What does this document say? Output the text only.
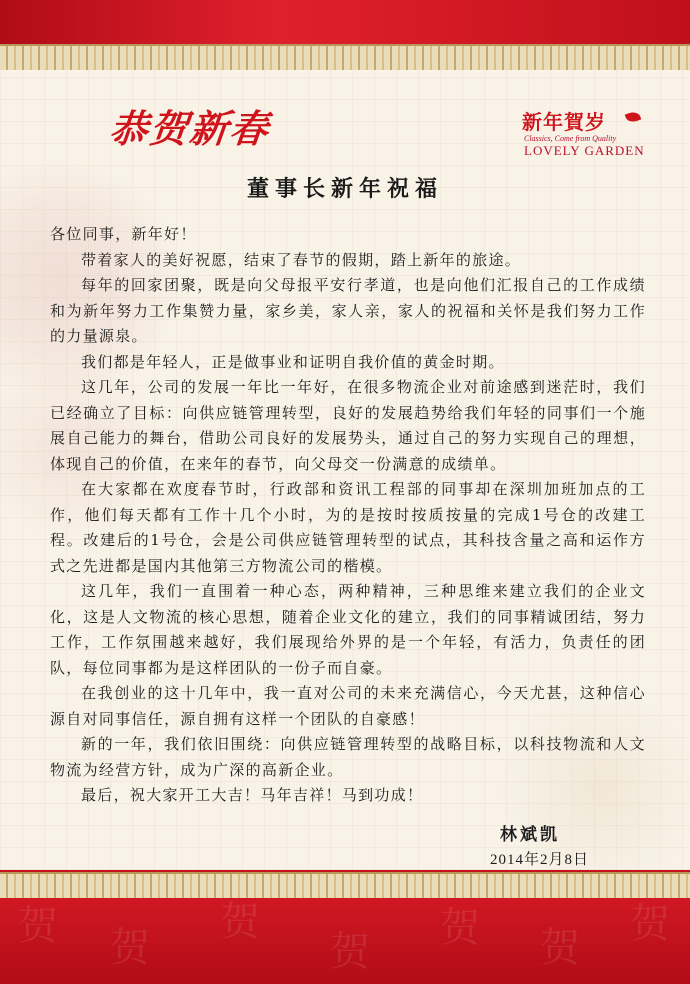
恭贺新春	新年賀岁
Classics, Come from Quality
LOVELY GARDEN
董事长新年祝福

各位同事，新年好！

带着家人的美好祝愿，结束了春节的假期，踏上新年的旅途。

每年的回家团聚，既是向父母报平安行孝道，也是向他们汇报自己的工作成绩和为新年努力工作集赞力量，家乡美，家人亲，家人的祝福和关怀是我们努力工作的力量源泉。

我们都是年轻人，正是做事业和证明自我价值的黄金时期。

这几年，公司的发展一年比一年好，在很多物流企业对前途感到迷茫时，我们已经确立了目标：向供应链管理转型，良好的发展趋势给我们年轻的同事们一个施展自己能力的舞台，借助公司良好的发展势头，通过自己的努力实现自己的理想，体现自己的价值，在来年的春节，向父母交一份满意的成绩单。

在大家都在欢度春节时，行政部和资讯工程部的同事却在深圳加班加点的工作，他们每天都有工作十几个小时，为的是按时按质按量的完成1号仓的改建工程。改建后的1号仓，会是公司供应链管理转型的试点，其科技含量之高和运作方式之先进都是国内其他第三方物流公司的楷模。

这几年，我们一直围着一种心态，两种精神，三种思维来建立我们的企业文化，这是人文物流的核心思想，随着企业文化的建立，我们的同事精诚团结，努力工作，工作氛围越来越好，我们展现给外界的是一个年轻，有活力，负责任的团队，每位同事都为是这样团队的一份子而自豪。

在我创业的这十几年中，我一直对公司的未来充满信心，今天尤甚，这种信心源自对同事信任，源自拥有这样一个团队的自豪感！

新的一年，我们依旧围绕：向供应链管理转型的战略目标，以科技物流和人文物流为经营方针，成为广深的高新企业。

最后，祝大家开工大吉！马年吉祥！马到功成！

林斌凯
2014年2月8日
贺 贺
贺
贺
贺 贺
贺
